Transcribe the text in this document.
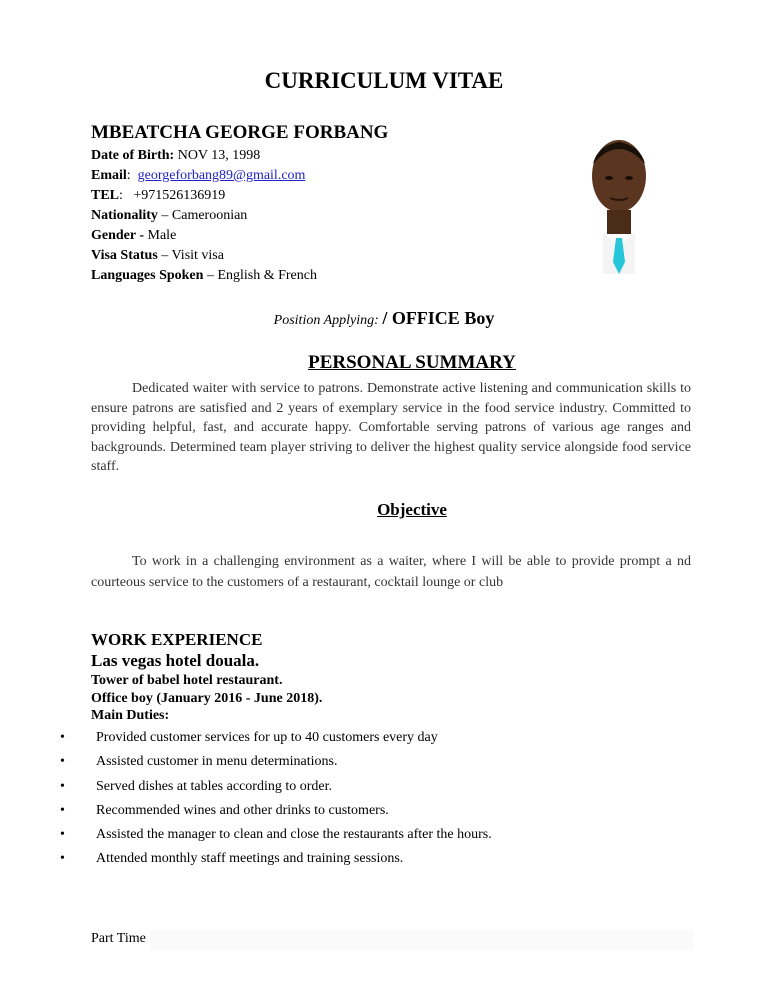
CURRICULUM VITAE
MBEATCHA GEORGE FORBANG
Date of Birth: NOV 13, 1998
Email:  georgeforbang89@gmail.com
TEL:   +971526136919
Nationality – Cameroonian
Gender - Male
Visa Status – Visit visa
Languages Spoken – English & French
Position Applying: / OFFICE Boy
PERSONAL SUMMARY
Dedicated waiter with service to patrons. Demonstrate active listening and communication skills to ensure patrons are satisfied and 2 years of exemplary service in the food service industry. Committed to providing helpful, fast, and accurate happy. Comfortable serving patrons of various age ranges and backgrounds. Determined team player striving to deliver the highest quality service alongside food service staff.
Objective
To work in a challenging environment as a waiter, where I will be able to provide prompt a nd courteous service to the customers of a restaurant, cocktail lounge or club
WORK EXPERIENCE
Las vegas hotel douala.
Tower of babel hotel restaurant.
Office boy (January 2016 - June 2018).
Main Duties:
• Provided customer services for up to 40 customers every day
• Assisted customer in menu determinations.
• Served dishes at tables according to order.
• Recommended wines and other drinks to customers.
• Assisted the manager to clean and close the restaurants after the hours.
• Attended monthly staff meetings and training sessions.
Part Time
